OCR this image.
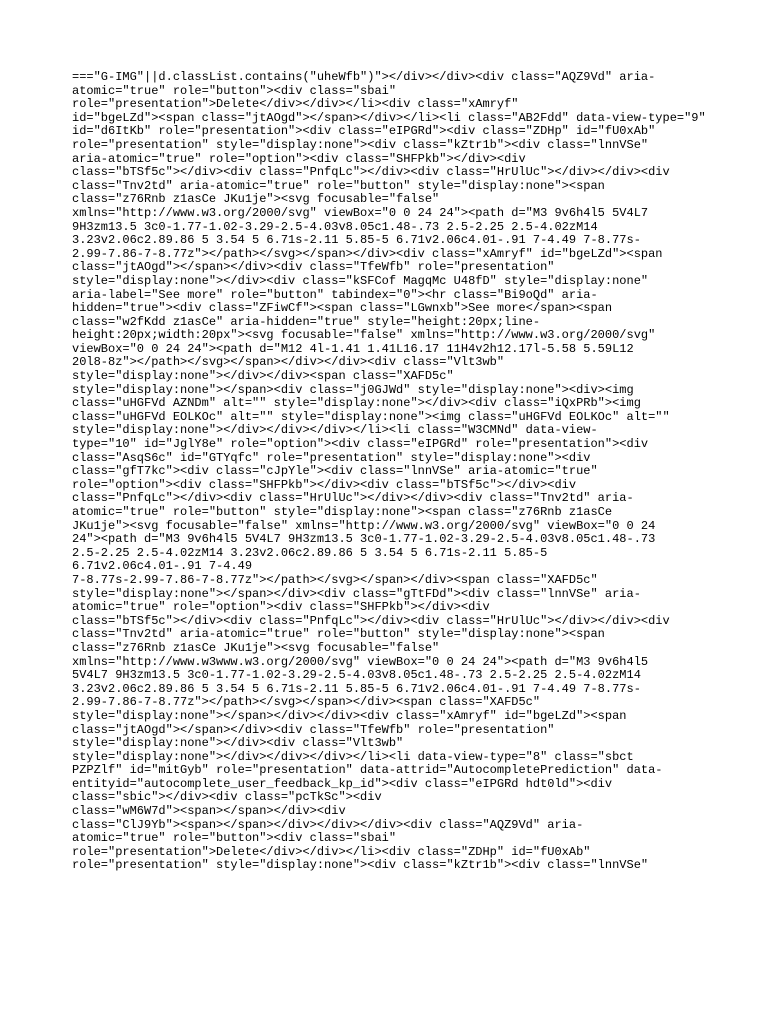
==="G-IMG"||d.classList.contains("uheWfb")"></div></div><div class="AQZ9Vd" aria-
atomic="true" role="button"><div class="sbai"
role="presentation">Delete</div></div></li><div class="xAmryf"
id="bgeLZd"><span class="jtAOgd"></span></div></li><li class="AB2Fdd" data-view-type="9"
id="d6ItKb" role="presentation"><div class="eIPGRd"><div class="ZDHp" id="fU0xAb"
role="presentation" style="display:none"><div class="kZtr1b"><div class="lnnVSe"
aria-atomic="true" role="option"><div class="SHFPkb"></div><div
class="bTSf5c"></div><div class="PnfqLc"></div><div class="HrUlUc"></div></div><div
class="Tnv2td" aria-atomic="true" role="button" style="display:none"><span
class="z76Rnb z1asCe JKu1je"><svg focusable="false"
xmlns="http://www.w3.org/2000/svg" viewBox="0 0 24 24"><path d="M3 9v6h4l5 5V4L7
9H3zm13.5 3c0-1.77-1.02-3.29-2.5-4.03v8.05c1.48-.73 2.5-2.25 2.5-4.02zM14
3.23v2.06c2.89.86 5 3.54 5 6.71s-2.11 5.85-5 6.71v2.06c4.01-.91 7-4.49 7-8.77s-
2.99-7.86-7-8.77z"></path></svg></span></div><div class="xAmryf" id="bgeLZd"><span
class="jtAOgd"></span></div><div class="TfeWfb" role="presentation"
style="display:none"></div><div class="kSFCof MagqMc U48fD" style="display:none"
aria-label="See more" role="button" tabindex="0"><hr class="Bi9oQd" aria-
hidden="true"><div class="ZFiwCf"><span class="LGwnxb">See more</span><span
class="w2fKdd z1asCe" aria-hidden="true" style="height:20px;line-
height:20px;width:20px"><svg focusable="false" xmlns="http://www.w3.org/2000/svg"
viewBox="0 0 24 24"><path d="M12 4l-1.41 1.41L16.17 11H4v2h12.17l-5.58 5.59L12
20l8-8z"></path></svg></span></div></div><div class="Vlt3wb"
style="display:none"></div></div><span class="XAFD5c"
style="display:none"></span><div class="j0GJWd" style="display:none"><div><img
class="uHGFVd AZNDm" alt="" style="display:none"></div><div class="iQxPRb"><img
class="uHGFVd EOLKOc" alt="" style="display:none"><img class="uHGFVd EOLKOc" alt=""
style="display:none"></div></div></div></li><li class="W3CMNd" data-view-
type="10" id="JglY8e" role="option"><div class="eIPGRd" role="presentation"><div
class="AsqS6c" id="GTYqfc" role="presentation" style="display:none"><div
class="gfT7kc"><div class="cJpYle"><div class="lnnVSe" aria-atomic="true"
role="option"><div class="SHFPkb"></div><div class="bTSf5c"></div><div
class="PnfqLc"></div><div class="HrUlUc"></div></div><div class="Tnv2td" aria-
atomic="true" role="button" style="display:none"><span class="z76Rnb z1asCe
JKu1je"><svg focusable="false" xmlns="http://www.w3.org/2000/svg" viewBox="0 0 24
24"><path d="M3 9v6h4l5 5V4L7 9H3zm13.5 3c0-1.77-1.02-3.29-2.5-4.03v8.05c1.48-.73
2.5-2.25 2.5-4.02zM14 3.23v2.06c2.89.86 5 3.54 5 6.71s-2.11 5.85-5
6.71v2.06c4.01-.91 7-4.49
7-8.77s-2.99-7.86-7-8.77z"></path></svg></span></div><span class="XAFD5c"
style="display:none"></span></div><div class="gTtFDd"><div class="lnnVSe" aria-
atomic="true" role="option"><div class="SHFPkb"></div><div
class="bTSf5c"></div><div class="PnfqLc"></div><div class="HrUlUc"></div></div><div
class="Tnv2td" aria-atomic="true" role="button" style="display:none"><span
class="z76Rnb z1asCe JKu1je"><svg focusable="false"
xmlns="http://www.w3www.w3.org/2000/svg" viewBox="0 0 24 24"><path d="M3 9v6h4l5
5V4L7 9H3zm13.5 3c0-1.77-1.02-3.29-2.5-4.03v8.05c1.48-.73 2.5-2.25 2.5-4.02zM14
3.23v2.06c2.89.86 5 3.54 5 6.71s-2.11 5.85-5 6.71v2.06c4.01-.91 7-4.49 7-8.77s-
2.99-7.86-7-8.77z"></path></svg></span></div><span class="XAFD5c"
style="display:none"></span></div></div><div class="xAmryf" id="bgeLZd"><span
class="jtAOgd"></span></div><div class="TfeWfb" role="presentation"
style="display:none"></div><div class="Vlt3wb"
style="display:none"></div></div></div></li><li data-view-type="8" class="sbct
PZPZlf" id="mitGyb" role="presentation" data-attrid="AutocompletePrediction" data-
entityid="autocomplete_user_feedback_kp_id"><div class="eIPGRd hdt0ld"><div
class="sbic"></div><div class="pcTkSc"><div
class="wM6W7d"><span></span></div><div
class="ClJ9Yb"><span></span></div></div></div><div class="AQZ9Vd" aria-
atomic="true" role="button"><div class="sbai"
role="presentation">Delete</div></div></li><div class="ZDHp" id="fU0xAb"
role="presentation" style="display:none"><div class="kZtr1b"><div class="lnnVSe"
